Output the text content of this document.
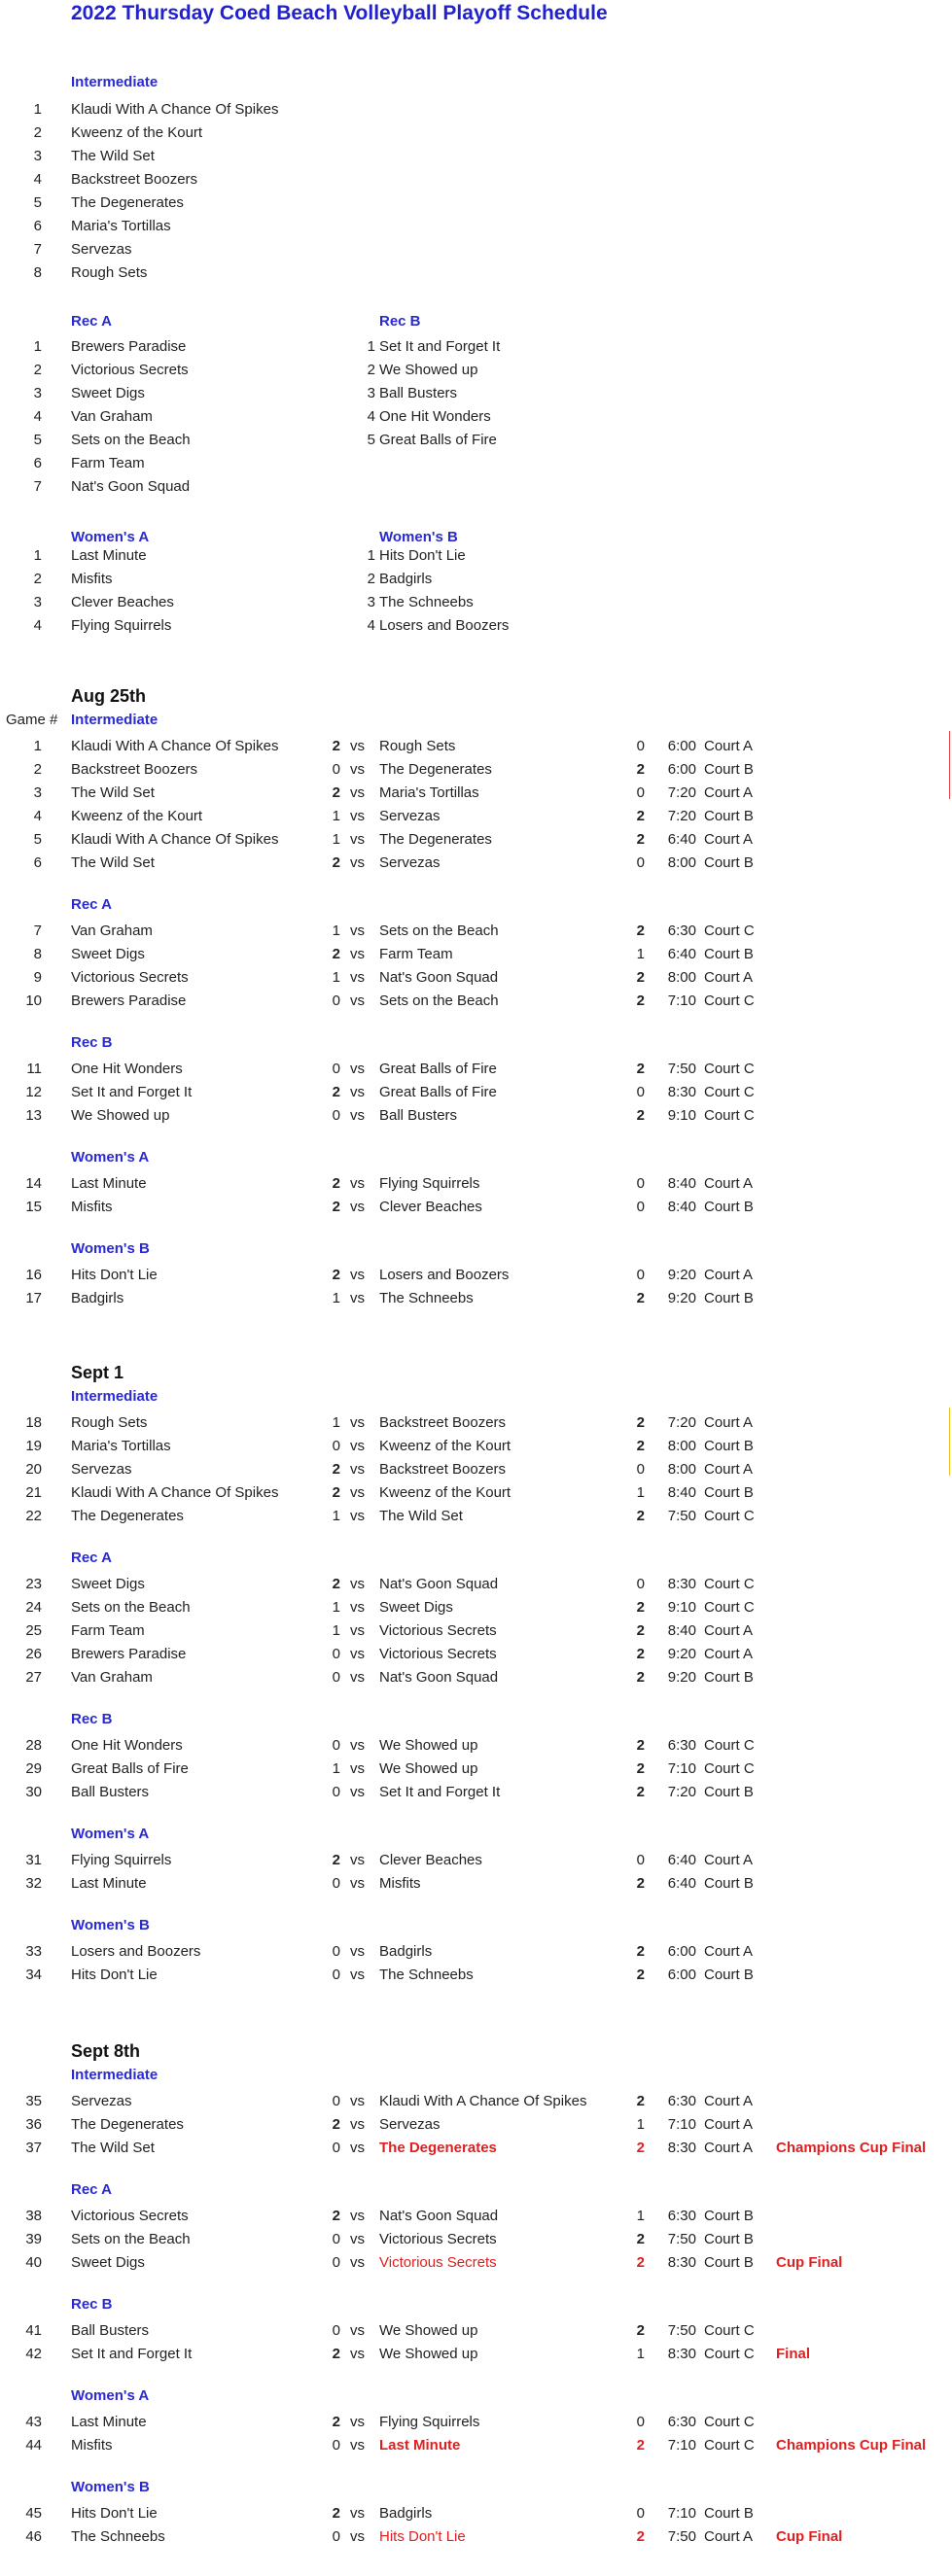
2022 Thursday Coed Beach Volleyball Playoff Schedule
Intermediate
1 Klaudi With A Chance Of Spikes
2 Kweenz of the Kourt
3 The Wild Set
4 Backstreet Boozers
5 The Degenerates
6 Maria's Tortillas
7 Servezas
8 Rough Sets
Rec A	Rec B
1 Brewers Paradise	1 Set It and Forget It
2 Victorious Secrets	2 We Showed up
3 Sweet Digs	3 Ball Busters
4 Van Graham	4 One Hit Wonders
5 Sets on the Beach	5 Great Balls of Fire
6 Farm Team
7 Nat's Goon Squad
Women's A	Women's B
1 Last Minute	1 Hits Don't Lie
2 Misfits	2 Badgirls
3 Clever Beaches	3 The Schneebs
4 Flying Squirrels	4 Losers and Boozers
Aug 25th
Game # Intermediate
1 Klaudi With A Chance Of Spikes	2 vs Rough Sets	0	6:00 Court A
2 Backstreet Boozers	0 vs The Degenerates	2	6:00 Court B
3 The Wild Set	2 vs Maria's Tortillas	0	7:20 Court A
4 Kweenz of the Kourt	1 vs Servezas	2	7:20 Court B
5 Klaudi With A Chance Of Spikes	1 vs The Degenerates	2	6:40 Court A
6 The Wild Set	2 vs Servezas	0	8:00 Court B
Rec A
7 Van Graham	1 vs Sets on the Beach	2	6:30 Court C
8 Sweet Digs	2 vs Farm Team	1	6:40 Court B
9 Victorious Secrets	1 vs Nat's Goon Squad	2	8:00 Court A
10 Brewers Paradise	0 vs Sets on the Beach	2	7:10 Court C
Rec B
11 One Hit Wonders	0 vs Great Balls of Fire	2	7:50 Court C
12 Set It and Forget It	2 vs Great Balls of Fire	0	8:30 Court C
13 We Showed up	0 vs Ball Busters	2	9:10 Court C
Women's A
14 Last Minute	2 vs Flying Squirrels	0	8:40 Court A
15 Misfits	2 vs Clever Beaches	0	8:40 Court B
Women's B
16 Hits Don't Lie	2 vs Losers and Boozers	0	9:20 Court A
17 Badgirls	1 vs The Schneebs	2	9:20 Court B
Sept 1
Intermediate
18 Rough Sets	1 vs Backstreet Boozers	2	7:20 Court A
19 Maria's Tortillas	0 vs Kweenz of the Kourt	2	8:00 Court B
20 Servezas	2 vs Backstreet Boozers	0	8:00 Court A
21 Klaudi With A Chance Of Spikes	2 vs Kweenz of the Kourt	1	8:40 Court B
22 The Degenerates	1 vs The Wild Set	2	7:50 Court C
Rec A
23 Sweet Digs	2 vs Nat's Goon Squad	0	8:30 Court C
24 Sets on the Beach	1 vs Sweet Digs	2	9:10 Court C
25 Farm Team	1 vs Victorious Secrets	2	8:40 Court A
26 Brewers Paradise	0 vs Victorious Secrets	2	9:20 Court A
27 Van Graham	0 vs Nat's Goon Squad	2	9:20 Court B
Rec B
28 One Hit Wonders	0 vs We Showed up	2	6:30 Court C
29 Great Balls of Fire	1 vs We Showed up	2	7:10 Court C
30 Ball Busters	0 vs Set It and Forget It	2	7:20 Court B
Women's A
31 Flying Squirrels	2 vs Clever Beaches	0	6:40 Court A
32 Last Minute	0 vs Misfits	2	6:40 Court B
Women's B
33 Losers and Boozers	0 vs Badgirls	2	6:00 Court A
34 Hits Don't Lie	0 vs The Schneebs	2	6:00 Court B
Sept 8th
Intermediate
35 Servezas	0 vs Klaudi With A Chance Of Spikes	2	6:30 Court A
36 The Degenerates	2 vs Servezas	1	7:10 Court A
37 The Wild Set	0 vs The Degenerates	2	8:30 Court A Champions Cup Final
Rec A
38 Victorious Secrets	2 vs Nat's Goon Squad	1	6:30 Court B
39 Sets on the Beach	0 vs Victorious Secrets	2	7:50 Court B
40 Sweet Digs	0 vs Victorious Secrets	2	8:30 Court B Cup Final
Rec B
41 Ball Busters	0 vs We Showed up	2	7:50 Court C
42 Set It and Forget It	2 vs We Showed up	1	8:30 Court C Final
Women's A
43 Last Minute	2 vs Flying Squirrels	0	6:30 Court C
44 Misfits	0 vs Last Minute	2	7:10 Court C Champions Cup Final
Women's B
45 Hits Don't Lie	2 vs Badgirls	0	7:10 Court B
46 The Schneebs	0 vs Hits Don't Lie	2	7:50 Court A Cup Final
